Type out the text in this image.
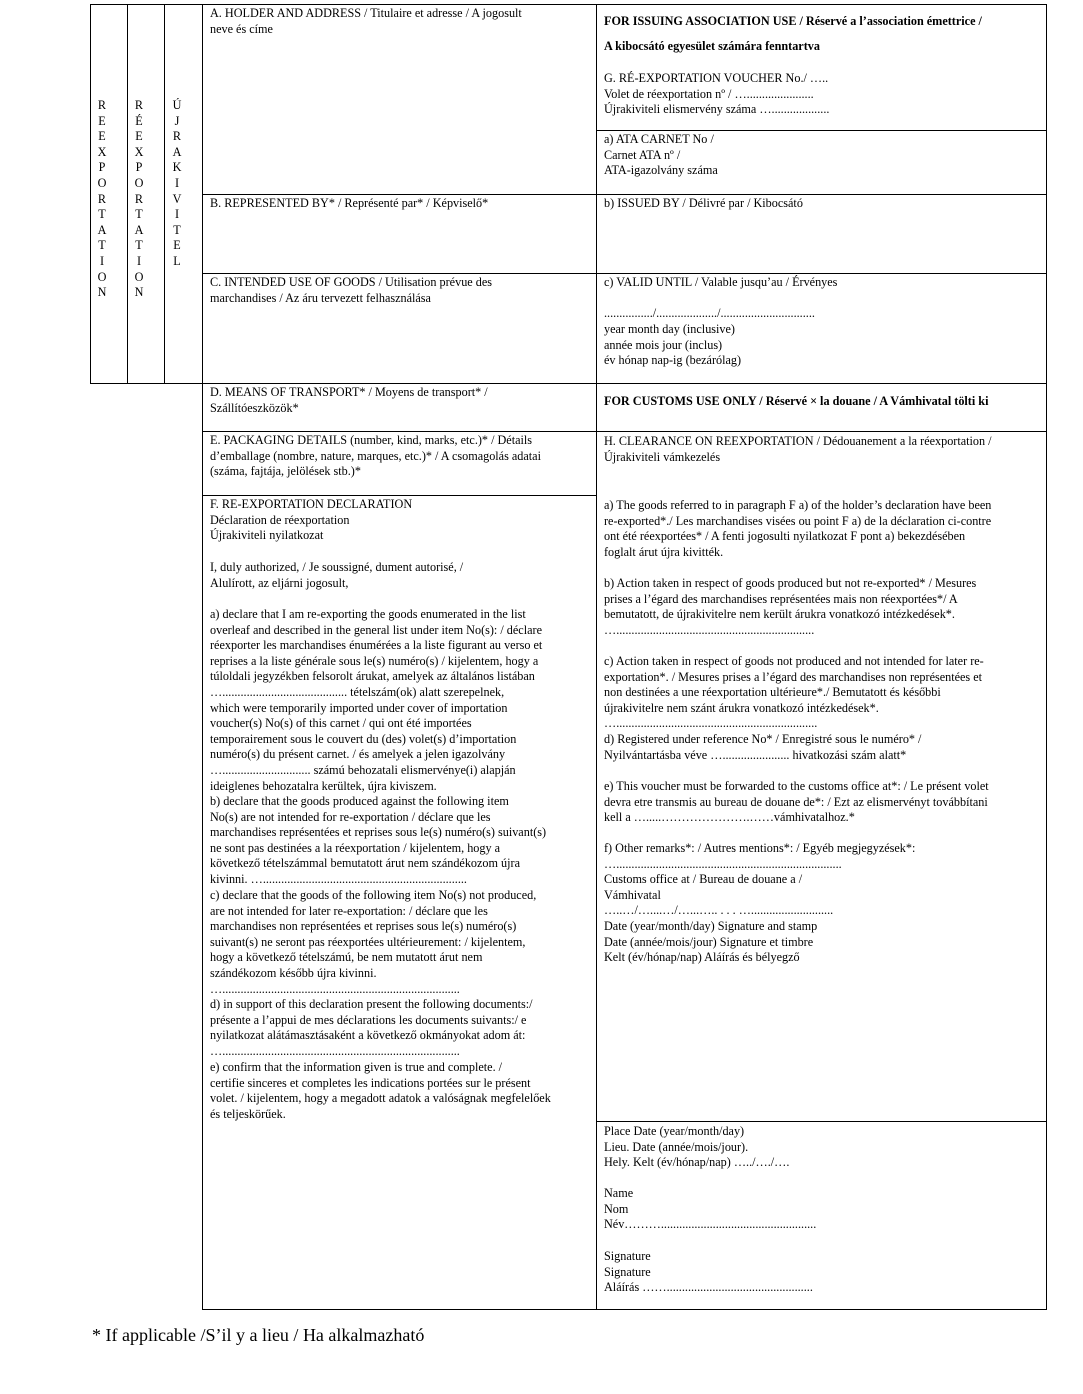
R
E
E
X
P
O
R
T
A
T
I
O
N
R
É
E
X
P
O
R
T
A
T
I
O
N
Ú
J
R
A
K
I
V
I
T
E
L
A. HOLDER AND ADDRESS / Titulaire et adresse / A jogosult
neve és címe
B. REPRESENTED BY* / Représenté par* / Képviselő*
C. INTENDED USE OF GOODS / Utilisation prévue des
marchandises / Az áru tervezett felhasználása
D. MEANS OF TRANSPORT* / Moyens de transport* /
Szállítóeszközök*
E. PACKAGING DETAILS (number, kind, marks, etc.)* / Détails
d’emballage (nombre, nature, marques, etc.)* / A csomagolás adatai
(száma, fajtája, jelölések stb.)*
F. RE-EXPORTATION DECLARATION
Déclaration de réexportation
Újrakiviteli nyilatkozat
I, duly authorized, / Je soussigné, dument autorisé, /
Alulírott, az eljárni jogosult,
a) declare that I am re-exporting the goods enumerated in the list
overleaf and described in the general list under item No(s): / déclare
réexporter les marchandises énumérées a la liste figurant au verso et
reprises a la liste générale sous le(s) numéro(s) / kijelentem, hogy a
túloldali jegyzékben felsorolt árukat, amelyek az általános listában
…......................................... tételszám(ok) alatt szerepelnek,
which were temporarily imported under cover of importation
voucher(s) No(s) of this carnet / qui ont été importées
temporairement sous le couvert du (des) volet(s) d’importation
numéro(s) du présent carnet. / és amelyek a jelen igazolvány
…............................. számú behozatali elismervénye(i) alapján
ideiglenes behozatalra kerültek, újra kiviszem.
b) declare that the goods produced against the following item
No(s) are not intended for re-exportation / déclare que les
marchandises représentées et reprises sous le(s) numéro(s) suivant(s)
ne sont pas destinées a la réexportation / kijelentem, hogy a
következő tételszámmal bemutatott árut nem szándékozom újra
kivinni. …...................................................................
c) declare that the goods of the following item No(s) not produced,
are not intended for later re-exportation: / déclare que les
marchandises non représentées et reprises sous le(s) numéro(s)
suivant(s) ne seront pas réexportées ultérieurement: / kijelentem,
hogy a következő tételszámú, be nem mutatott árut nem
szándékozom később újra kivinni.
…..............................................................................
d) in support of this declaration present the following documents:/
présente a l’appui de mes déclarations les documents suivants:/ e
nyilatkozat alátámasztásaként a következő okmányokat adom át:
…..............................................................................
e) confirm that the information given is true and complete. /
certifie sinceres et completes les indications portées sur le présent
volet. / kijelentem, hogy a megadott adatok a valóságnak megfelelőek
és teljeskörűek.
FOR ISSUING ASSOCIATION USE / Réservé a l’association émettrice /
A kibocsátó egyesület számára fenntartva
G. RÉ-EXPORTATION VOUCHER No./ …..
Volet de réexportation nº / …......................
Újrakiviteli elismervény száma …...................
a) ATA CARNET No /
Carnet ATA nº /
ATA-igazolvány száma
b) ISSUED BY / Délivré par / Kibocsátó
c) VALID UNTIL / Valable jusqu’au / Érvényes
................/..................../...............................
year month day (inclusive)
année mois jour (inclus)
év hónap nap-ig (bezárólag)
FOR CUSTOMS USE ONLY / Réservé × la douane / A Vámhivatal tölti ki
H. CLEARANCE ON REEXPORTATION / Dédouanement a la réexportation /
Újrakiviteli vámkezelés
a) The goods referred to in paragraph F a) of the holder’s declaration have been
re-exported*./ Les marchandises visées ou point F a) de la déclaration ci-contre
ont été réexportées* / A fenti jogosulti nyilatkozat F pont a) bekezdésében
foglalt árut újra kivitték.
b) Action taken in respect of goods produced but not re-exported* / Mesures
prises a l’égard des marchandises représentées mais non réexportées*/ A
bemutatott, de újrakivitelre nem került árukra vonatkozó intézkedések*.
….................................................................
c) Action taken in respect of goods not produced and not intended for later re-
exportation*. / Mesures prises a l’égard des marchandises non représentées et
non destinées a une réexportation ultérieure*./ Bemutatott és későbbi
újrakivitelre nem szánt árukra vonatkozó intézkedések*.
…..................................................................
d) Registered under reference No* / Enregistré sous le numéro* /
Nyilvántartásba véve …...................... hivatkozási szám alatt*
e) This voucher must be forwarded to the customs office at*: / Le présent volet
devra etre transmis au bureau de douane de*: / Ezt az elismervényt továbbítani
kell a ….....………………….……vámhivatalhoz.*
f) Other remarks*: / Autres mentions*: / Egyéb megjegyzések*:
…..........................................................................
Customs office at / Bureau de douane a /
Vámhivatal
…..…/…....…/…...….. . . . …...........................
Date (year/month/day) Signature and stamp
Date (année/mois/jour) Signature et timbre
Kelt (év/hónap/nap) Aláírás és bélyegző
Place Date (year/month/day)
Lieu. Date (année/mois/jour).
Hely. Kelt (év/hónap/nap) …../…./….
Name
Nom
Név………...................................................
Signature
Signature
Aláírás ……................................................
* If applicable /S’il y a lieu / Ha alkalmazható
